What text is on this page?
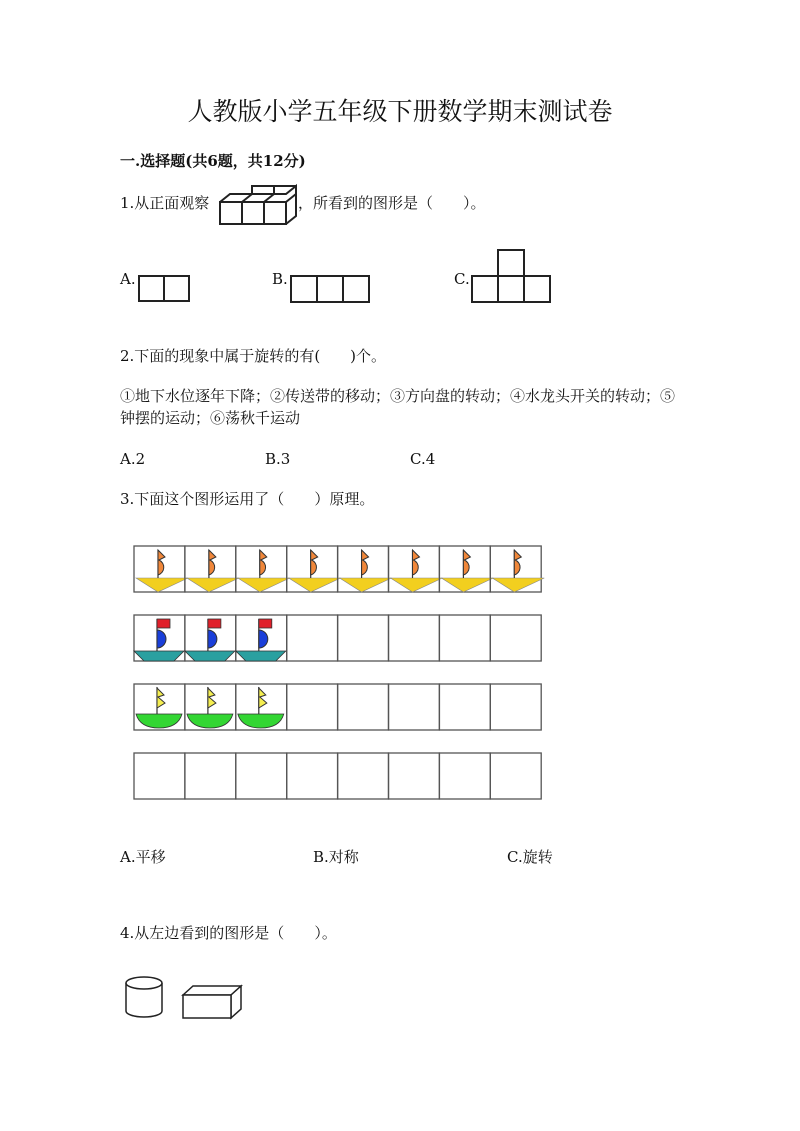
人教版小学五年级下册数学期末测试卷
一.选择题(共6题，共12分)
1.从正面观察	，所看到的图形是（　　）。
A.	B.	C.
2.下面的现象中属于旋转的有(　　)个。
①地下水位逐年下降；②传送带的移动；③方向盘的转动；④水龙头开关的转动；⑤钟摆的运动；⑥荡秋千运动
A.2	B.3	C.4
3.下面这个图形运用了（　　）原理。
A.平移	B.对称	C.旋转
4.从左边看到的图形是（　　）。
